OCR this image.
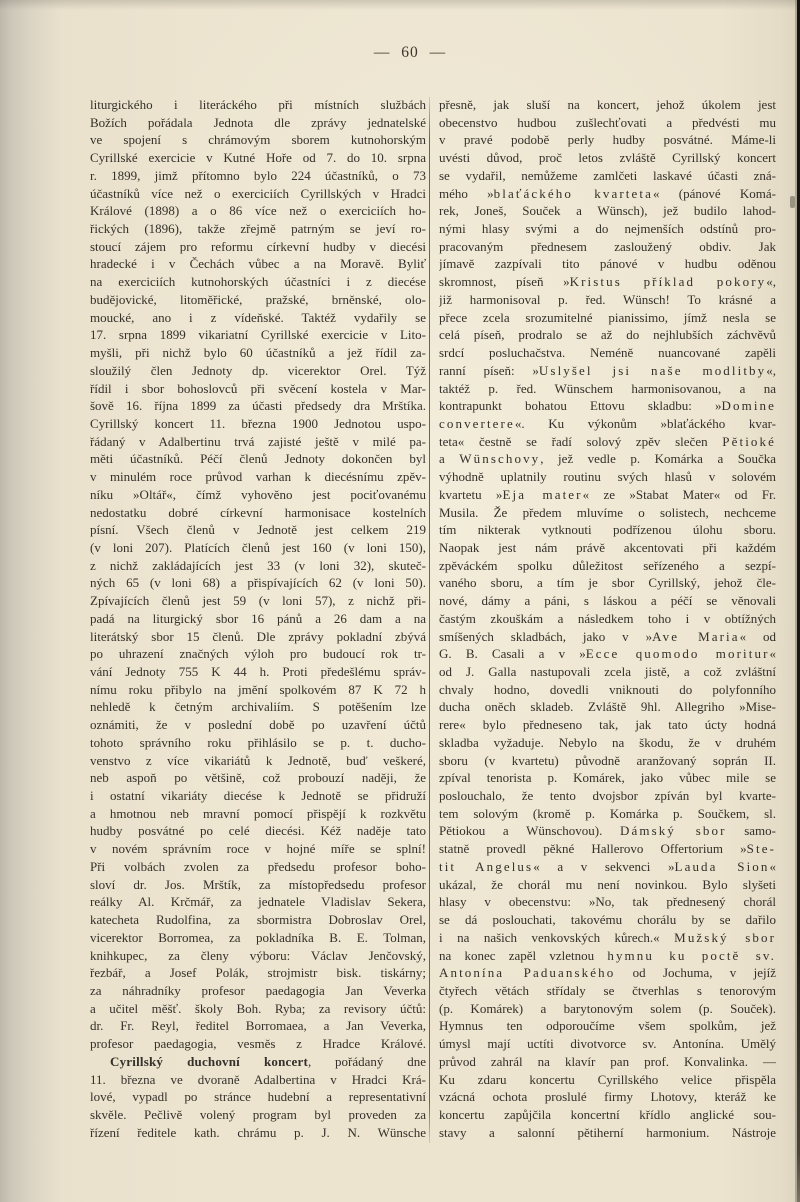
— 60 —
liturgického i literáckého při místních službách
Božích pořádala Jednota dle zprávy jednatelské
ve spojení s chrámovým sborem kutnohorským
Cyrillské exercicie v Kutné Hoře od 7. do 10. srpna
r. 1899, jimž přítomno bylo 224 účastníků, o 73
účastníků více než o exerciciích Cyrillských v Hradci
Králové (1898) a o 86 více než o exerciciích ho-
řických (1896), takže zřejmě patrným se jeví ro-
stoucí zájem pro reformu církevní hudby v diecési
hradecké i v Čechách vůbec a na Moravě. Byliť
na exerciciích kutnohorských účastníci i z diecése
budějovické, litoměřické, pražské, brněnské, olo-
moucké, ano i z vídeňské. Taktéž vydařily se
17. srpna 1899 vikariatní Cyrillské exercicie v Lito-
myšli, při nichž bylo 60 účastníků a jež řídil za-
sloužilý člen Jednoty dp. vicerektor Orel. Týž
řídil i sbor bohoslovců při svěcení kostela v Mar-
šově 16. října 1899 za účasti předsedy dra Mrštíka.
Cyrillský koncert 11. března 1900 Jednotou uspo-
řádaný v Adalbertinu trvá zajisté ještě v milé pa-
měti účastníků. Péčí členů Jednoty dokončen byl
v minulém roce průvod varhan k diecésnímu zpěv-
níku »Oltář«, čímž vyhověno jest pociťovanému
nedostatku dobré církevní harmonisace kostelních
písní. Všech členů v Jednotě jest celkem 219
(v loni 207). Platících členů jest 160 (v loni 150),
z nichž zakládajících jest 33 (v loni 32), skuteč-
ných 65 (v loni 68) a přispívajících 62 (v loni 50).
Zpívajících členů jest 59 (v loni 57), z nichž při-
padá na liturgický sbor 16 pánů a 26 dam a na
literátský sbor 15 členů. Dle zprávy pokladní zbývá
po uhrazení značných výloh pro budoucí rok tr-
vání Jednoty 755 K 44 h. Proti předešlému správ-
nímu roku přibylo na jmění spolkovém 87 K 72 h
nehledě k četným archivaliím. S potěšením lze
oznámiti, že v poslední době po uzavření účtů
tohoto správního roku přihlásilo se p. t. ducho-
venstvo z více vikariátů k Jednotě, buď veškeré,
neb aspoň po většině, což probouzí naději, že
i ostatní vikariáty diecése k Jednotě se přidruží
a hmotnou neb mravní pomocí přispějí k rozkvětu
hudby posvátné po celé diecési. Kéž naděje tato
v novém správním roce v hojné míře se splní!
Při volbách zvolen za předsedu profesor boho-
sloví dr. Jos. Mrštík, za místopředsedu profesor
reálky Al. Krčmář, za jednatele Vladislav Sekera,
katecheta Rudolfina, za sbormistra Dobroslav Orel,
vicerektor Borromea, za pokladníka B. E. Tolman,
knihkupec, za členy výboru: Václav Jenčovský,
řezbář, a Josef Polák, strojmistr bisk. tiskárny;
za náhradníky profesor paedagogia Jan Veverka
a učitel měšť. školy Boh. Ryba; za revisory účtů:
dr. Fr. Reyl, ředitel Borromaea, a Jan Veverka,
profesor paedagogia, vesměs z Hradce Králové.
Cyrillský duchovní koncert, pořádaný dne
11. března ve dvoraně Adalbertina v Hradci Krá-
lové, vypadl po stránce hudební a representativní
skvěle. Pečlivě volený program byl proveden za
řízení ředitele kath. chrámu p. J. N. Wünsche
přesně, jak sluší na koncert, jehož úkolem jest
obecenstvo hudbou zušlechťovati a předvésti mu
v pravé podobě perly hudby posvátné. Máme-li
uvésti důvod, proč letos zvláště Cyrillský koncert
se vydařil, nemůžeme zamlčeti laskavé účasti zná-
mého »blaťáckého kvarteta« (pánové Komá-
rek, Joneš, Souček a Wünsch), jež budilo lahod-
nými hlasy svými a do nejmenších odstínů pro-
pracovaným přednesem zasloužený obdiv. Jak
jímavě zazpívali tito pánové v hudbu oděnou
skromnost, píseň »Kristus příklad pokory«,
již harmonisoval p. řed. Wünsch! To krásné a
přece zcela srozumitelné pianissimo, jímž nesla se
celá píseň, prodralo se až do nejhlubších záchvěvů
srdcí posluchačstva. Neméně nuancované zapěli
ranní píseň: »Uslyšel jsi naše modlitby«,
taktéž p. řed. Wünschem harmonisovanou, a na
kontrapunkt bohatou Ettovu skladbu: »Domine
convertere«. Ku výkonům »blaťáckého kvar-
teta« čestně se řadí solový zpěv slečen Pětioké
a Wünschovy, jež vedle p. Komárka a Součka
výhodně uplatnily routinu svých hlasů v solovém
kvartetu »Eja mater« ze »Stabat Mater« od Fr.
Musila. Že předem mluvíme o solistech, nechceme
tím nikterak vytknouti podřízenou úlohu sboru.
Naopak jest nám právě akcentovati při každém
zpěváckém spolku důležitost seřízeného a sezpí-
vaného sboru, a tím je sbor Cyrillský, jehož čle-
nové, dámy a páni, s láskou a péčí se věnovali
častým zkouškám a následkem toho i v obtížných
smíšených skladbách, jako v »Ave Maria« od
G. B. Casali a v »Ecce quomodo moritur«
od J. Galla nastupovali zcela jistě, a což zvláštní
chvaly hodno, dovedli vniknouti do polyfonního
ducha oněch skladeb. Zvláště 9hl. Allegriho »Mise-
rere« bylo předneseno tak, jak tato úcty hodná
skladba vyžaduje. Nebylo na škodu, že v druhém
sboru (v kvartetu) původně aranžovaný soprán II.
zpíval tenorista p. Komárek, jako vůbec mile se
poslouchalo, že tento dvojsbor zpíván byl kvarte-
tem solovým (kromě p. Komárka p. Součkem, sl.
Pětiokou a Wünschovou). Dámský sbor samo-
statně provedl pěkné Hallerovo Offertorium »Ste-
tit Angelus« a v sekvenci »Lauda Sion«
ukázal, že chorál mu není novinkou. Bylo slyšeti
hlasy v obecenstvu: »No, tak přednesený chorál
se dá poslouchati, takovému chorálu by se dařilo
i na našich venkovských kůrech.« Mužský sbor
na konec zapěl vzletnou hymnu ku poctě sv.
Antonína Paduanského od Jochuma, v jejíž
čtyřech větách střídaly se čtverhlas s tenorovým
(p. Komárek) a barytonovým solem (p. Souček).
Hymnus ten odporoučíme všem spolkům, jež
úmysl mají uctíti divotvorce sv. Antonína. Umělý
průvod zahrál na klavír pan prof. Konvalinka. —
Ku zdaru koncertu Cyrillského velice přispěla
vzácná ochota proslulé firmy Lhotovy, kteráž ke
koncertu zapůjčila koncertní křídlo anglické sou-
stavy a salonní pětiherní harmonium. Nástroje
